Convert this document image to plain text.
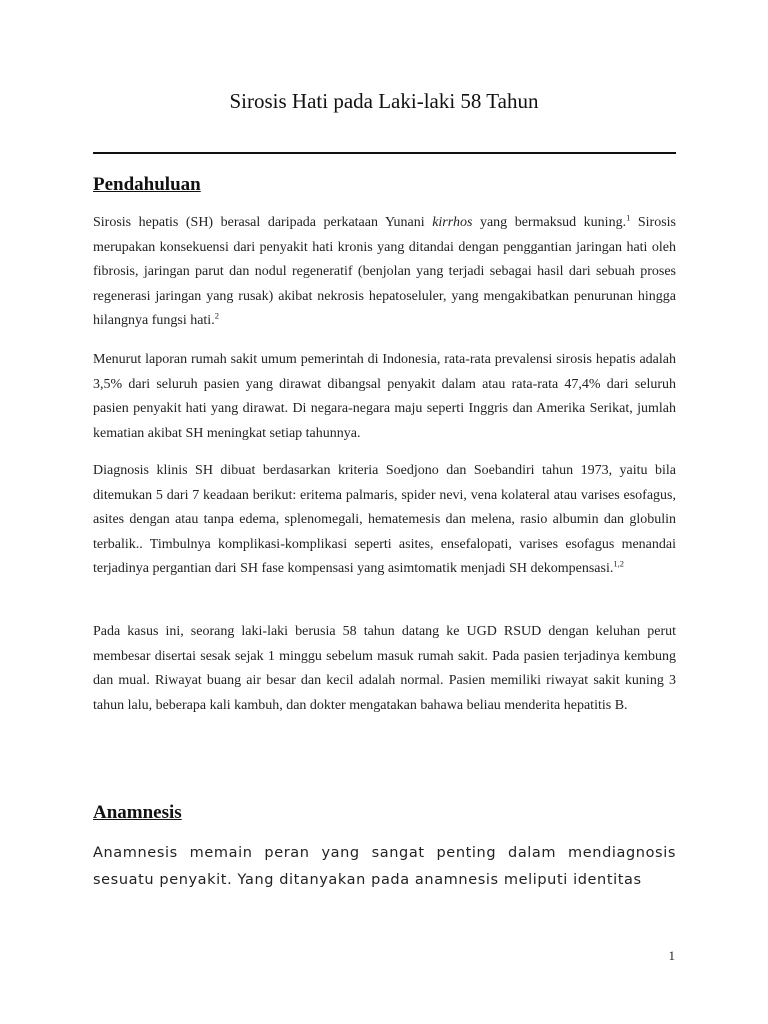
Sirosis Hati pada Laki-laki 58 Tahun
Pendahuluan

Sirosis hepatis (SH) berasal daripada perkataan Yunani kirrhos yang bermaksud kuning.$^1$ Sirosis merupakan konsekuensi dari penyakit hati kronis yang ditandai dengan penggantian jaringan hati oleh fibrosis, jaringan parut dan nodul regeneratif (benjolan yang terjadi sebagai hasil dari sebuah proses regenerasi jaringan yang rusak) akibat nekrosis hepatoseluler, yang mengakibatkan penurunan hingga hilangnya fungsi hati.$^2$

Menurut laporan rumah sakit umum pemerintah di Indonesia, rata-rata prevalensi sirosis hepatis adalah 3,5% dari seluruh pasien yang dirawat dibangsal penyakit dalam atau rata-rata 47,4% dari seluruh pasien penyakit hati yang dirawat. Di negara-negara maju seperti Inggris dan Amerika Serikat, jumlah kematian akibat SH meningkat setiap tahunnya.

Diagnosis klinis SH dibuat berdasarkan kriteria Soedjono dan Soebandiri tahun 1973, yaitu bila ditemukan 5 dari 7 keadaan berikut: eritema palmaris, spider nevi, vena kolateral atau varises esofagus, asites dengan atau tanpa edema, splenomegali, hematemesis dan melena, rasio albumin dan globulin terbalik.. Timbulnya komplikasi-komplikasi seperti asites, ensefalopati, varises esofagus menandai terjadinya pergantian dari SH fase kompensasi yang asimtomatik menjadi SH dekompensasi.$^{1,2}$

Pada kasus ini, seorang laki-laki berusia 58 tahun datang ke UGD RSUD dengan keluhan perut membesar disertai sesak sejak 1 minggu sebelum masuk rumah sakit. Pada pasien terjadinya kembung dan mual. Riwayat buang air besar dan kecil adalah normal. Pasien memiliki riwayat sakit kuning 3 tahun lalu, beberapa kali kambuh, dan dokter mengatakan bahawa beliau menderita hepatitis B.

Anamnesis

Anamnesis memain peran yang sangat penting dalam mendiagnosis sesuatu penyakit. Yang ditanyakan pada anamnesis meliputi identitas

1
